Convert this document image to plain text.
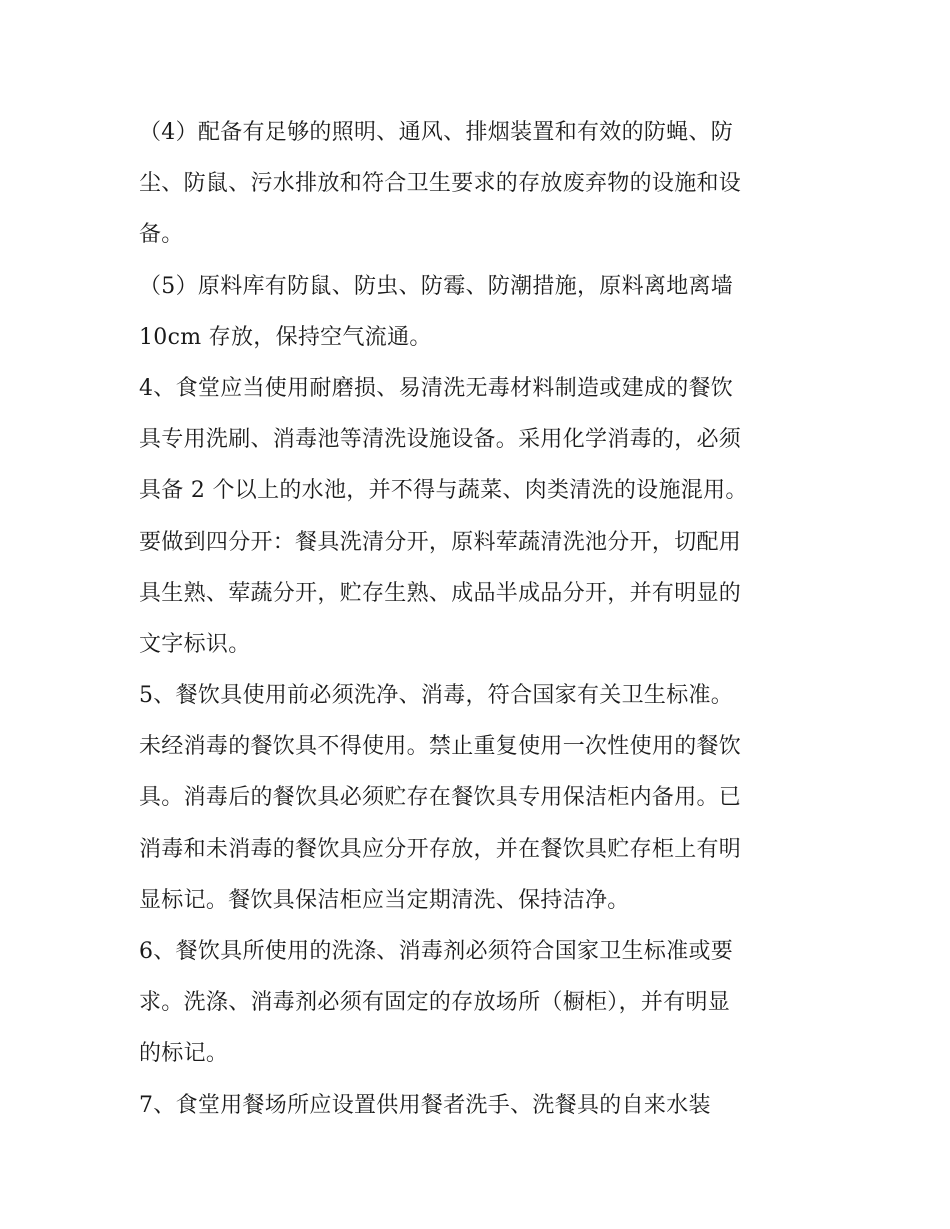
（4）配备有足够的照明、通风、排烟装置和有效的防蝇、防
尘、防鼠、污水排放和符合卫生要求的存放废弃物的设施和设
备。
（5）原料库有防鼠、防虫、防霉、防潮措施，原料离地离墙
10cm 存放，保持空气流通。
4、食堂应当使用耐磨损、易清洗无毒材料制造或建成的餐饮
具专用洗刷、消毒池等清洗设施设备。采用化学消毒的，必须
具备 2 个以上的水池，并不得与蔬菜、肉类清洗的设施混用。
要做到四分开：餐具洗清分开，原料荤蔬清洗池分开，切配用
具生熟、荤蔬分开，贮存生熟、成品半成品分开，并有明显的
文字标识。
5、餐饮具使用前必须洗净、消毒，符合国家有关卫生标准。
未经消毒的餐饮具不得使用。禁止重复使用一次性使用的餐饮
具。消毒后的餐饮具必须贮存在餐饮具专用保洁柜内备用。已
消毒和未消毒的餐饮具应分开存放，并在餐饮具贮存柜上有明
显标记。餐饮具保洁柜应当定期清洗、保持洁净。
6、餐饮具所使用的洗涤、消毒剂必须符合国家卫生标准或要
求。洗涤、消毒剂必须有固定的存放场所（橱柜），并有明显
的标记。
7、食堂用餐场所应设置供用餐者洗手、洗餐具的自来水装
